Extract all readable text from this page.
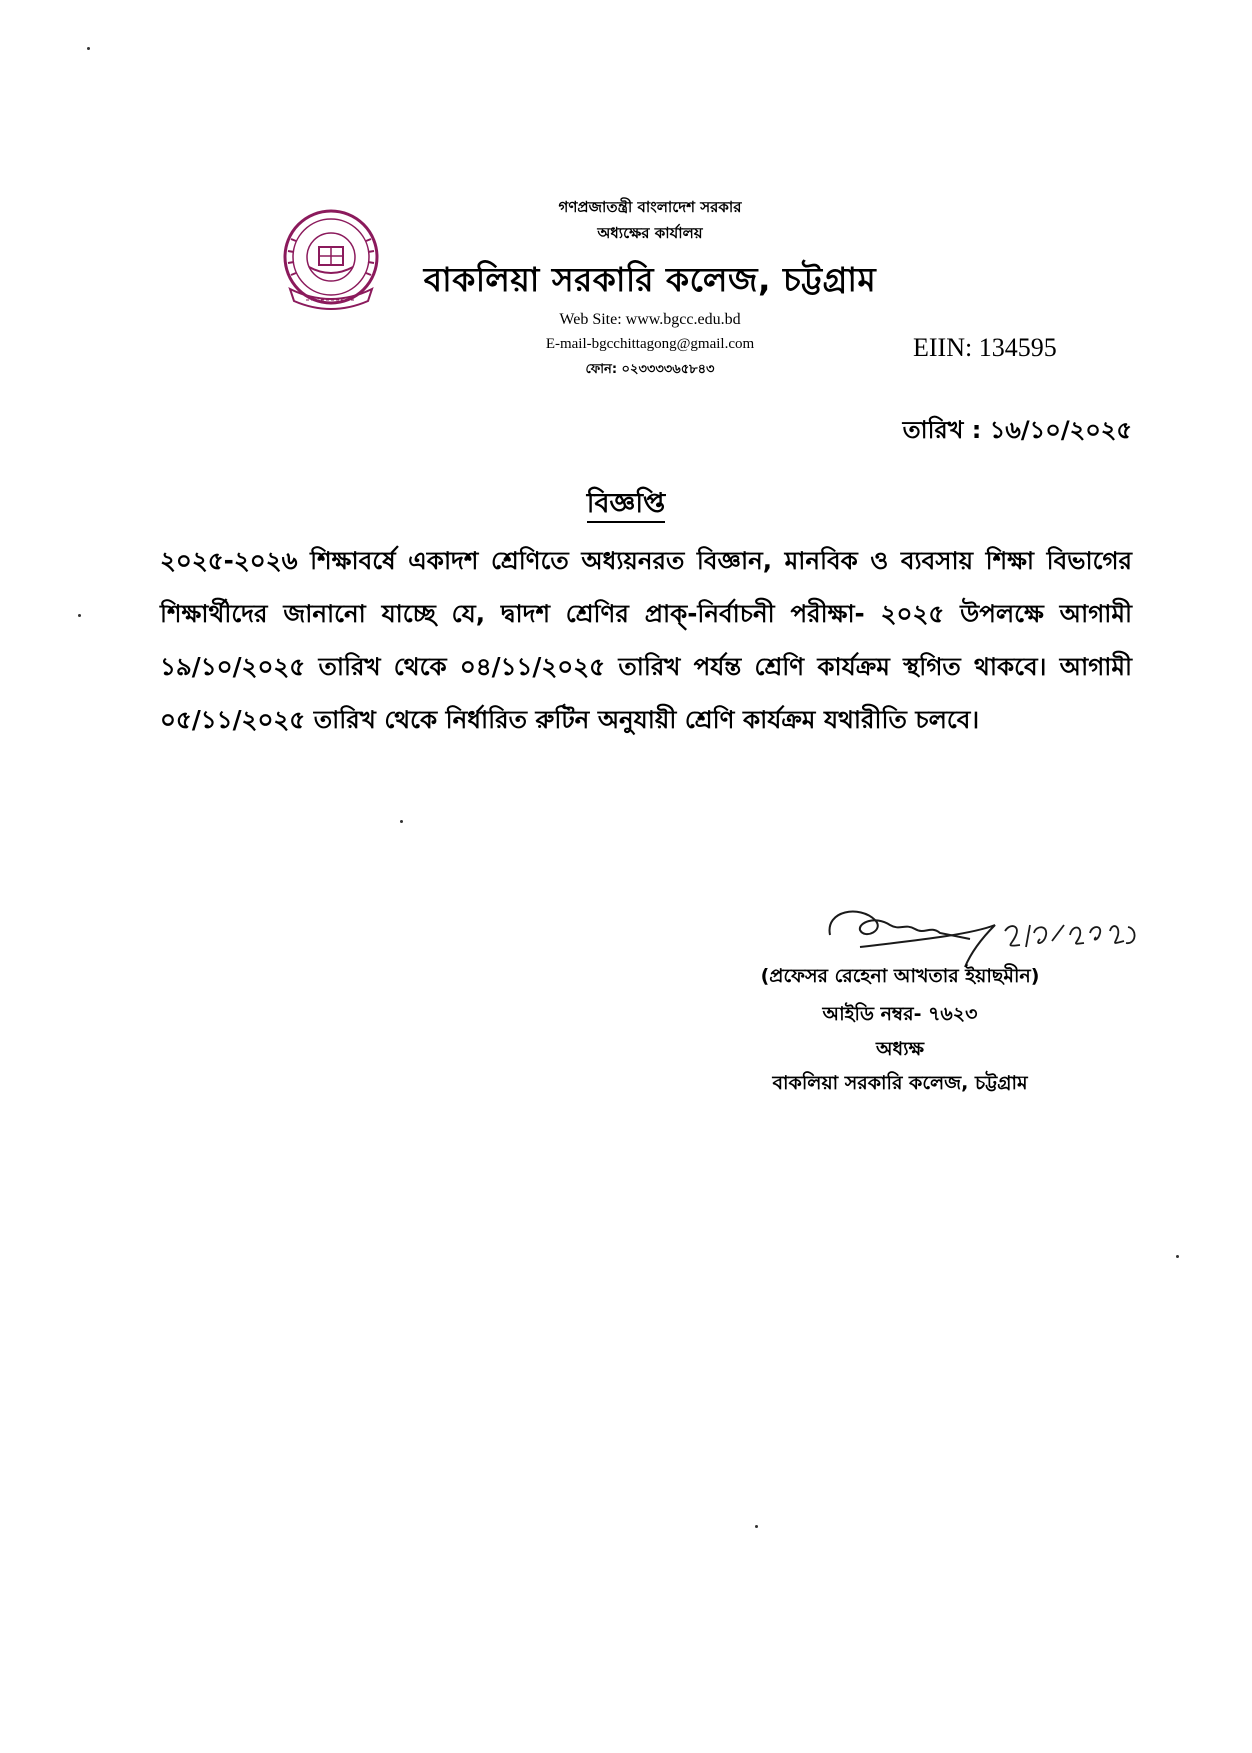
গণপ্রজাতন্ত্রী বাংলাদেশ সরকার
অধ্যক্ষের কার্যালয়
বাকলিয়া সরকারি কলেজ, চট্টগ্রাম
Web Site: www.bgcc.edu.bd
E-mail-bgcchittagong@gmail.com
ফোন: ০২৩৩৩৩৬৫৮৪৩
EIIN: 134595
তারিখ : ১৬/১০/২০২৫
বিজ্ঞপ্তি
২০২৫-২০২৬ শিক্ষাবর্ষে একাদশ শ্রেণিতে অধ্যয়নরত বিজ্ঞান, মানবিক ও ব্যবসায় শিক্ষা বিভাগের শিক্ষার্থীদের জানানো যাচ্ছে যে, দ্বাদশ শ্রেণির প্রাক্-নির্বাচনী পরীক্ষা- ২০২৫ উপলক্ষে আগামী ১৯/১০/২০২৫ তারিখ থেকে ০৪/১১/২০২৫ তারিখ পর্যন্ত শ্রেণি কার্যক্রম স্থগিত থাকবে। আগামী ০৫/১১/২০২৫ তারিখ থেকে নির্ধারিত রুটিন অনুযায়ী শ্রেণি কার্যক্রম যথারীতি চলবে।
(প্রফেসর রেহেনা আখতার ইয়াছমীন)
আইডি নম্বর- ৭৬২৩
অধ্যক্ষ
বাকলিয়া সরকারি কলেজ, চট্টগ্রাম
